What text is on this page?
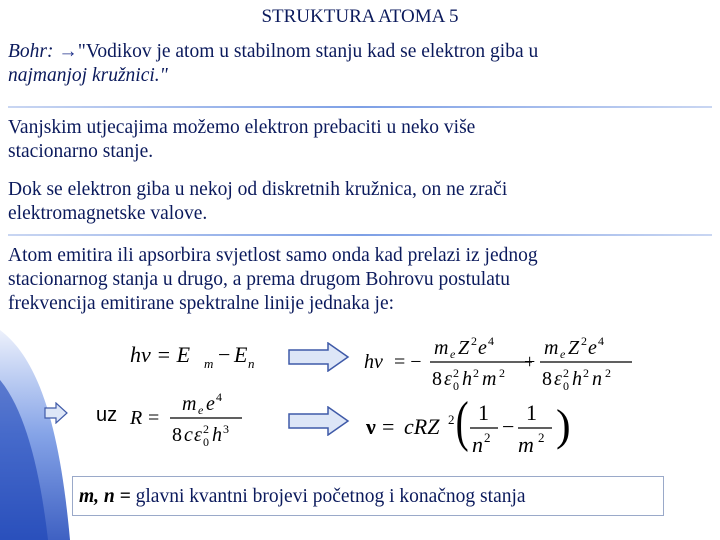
STRUKTURA ATOMA 5
Bohr: →"Vodikov je atom u stabilnom stanju kad se elektron giba u
najmanjoj kružnici."
Vanjskim utjecajima možemo elektron prebaciti u neko više
stacionarno stanje.
Dok se elektron giba u nekoj od diskretnih kružnica, on ne zrači
elektromagnetske valove.
Atom emitira ili apsorbira svjetlost samo onda kad prelazi iz jednog
stacionarnog stanja u drugo, a prema drugom Bohrovu postulatu
frekvencija emitirane spektralne linije jednaka je:
hν = E m − E n	hν = −
m e Z 2 e 4
8 ε 2
0 h 2 m 2 +
m e Z 2 e 4
8 ε 2
0 h 2 n 2
uz R =
m e e 4
8 c ε 2
0 h 3	ν = cRZ 2 ( 1
n 2 −
1
m 2 )
m, n = glavni kvantni brojevi početnog i konačnog stanja
